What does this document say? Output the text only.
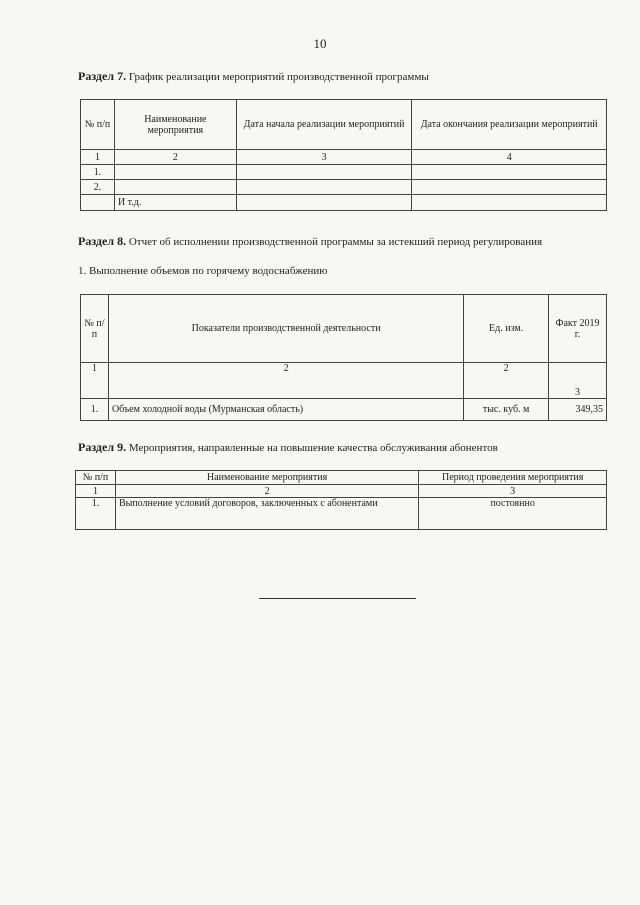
10
Раздел 7. График реализации мероприятий производственной программы
№ п/п	Наименование мероприятия	Дата начала реализации мероприятий	Дата окончания реализации мероприятий
1	2	3	4
1.			
2.			
	И т.д.		
Раздел 8. Отчет об исполнении производственной программы за истекший период регулирования
1. Выполнение объемов по горячему водоснабжению
№ п/п	Показатели производственной деятельности	Ед. изм.	Факт 2019 г.
1	2	2	3
1.	Объем холодной воды (Мурманская область)	тыс. куб. м	349,35
Раздел 9. Мероприятия, направленные на повышение качества обслуживания абонентов
№ п/п	Наименование мероприятия	Период проведения мероприятия
1	2	3
1.	Выполнение условий договоров, заключенных с абонентами	постоянно
